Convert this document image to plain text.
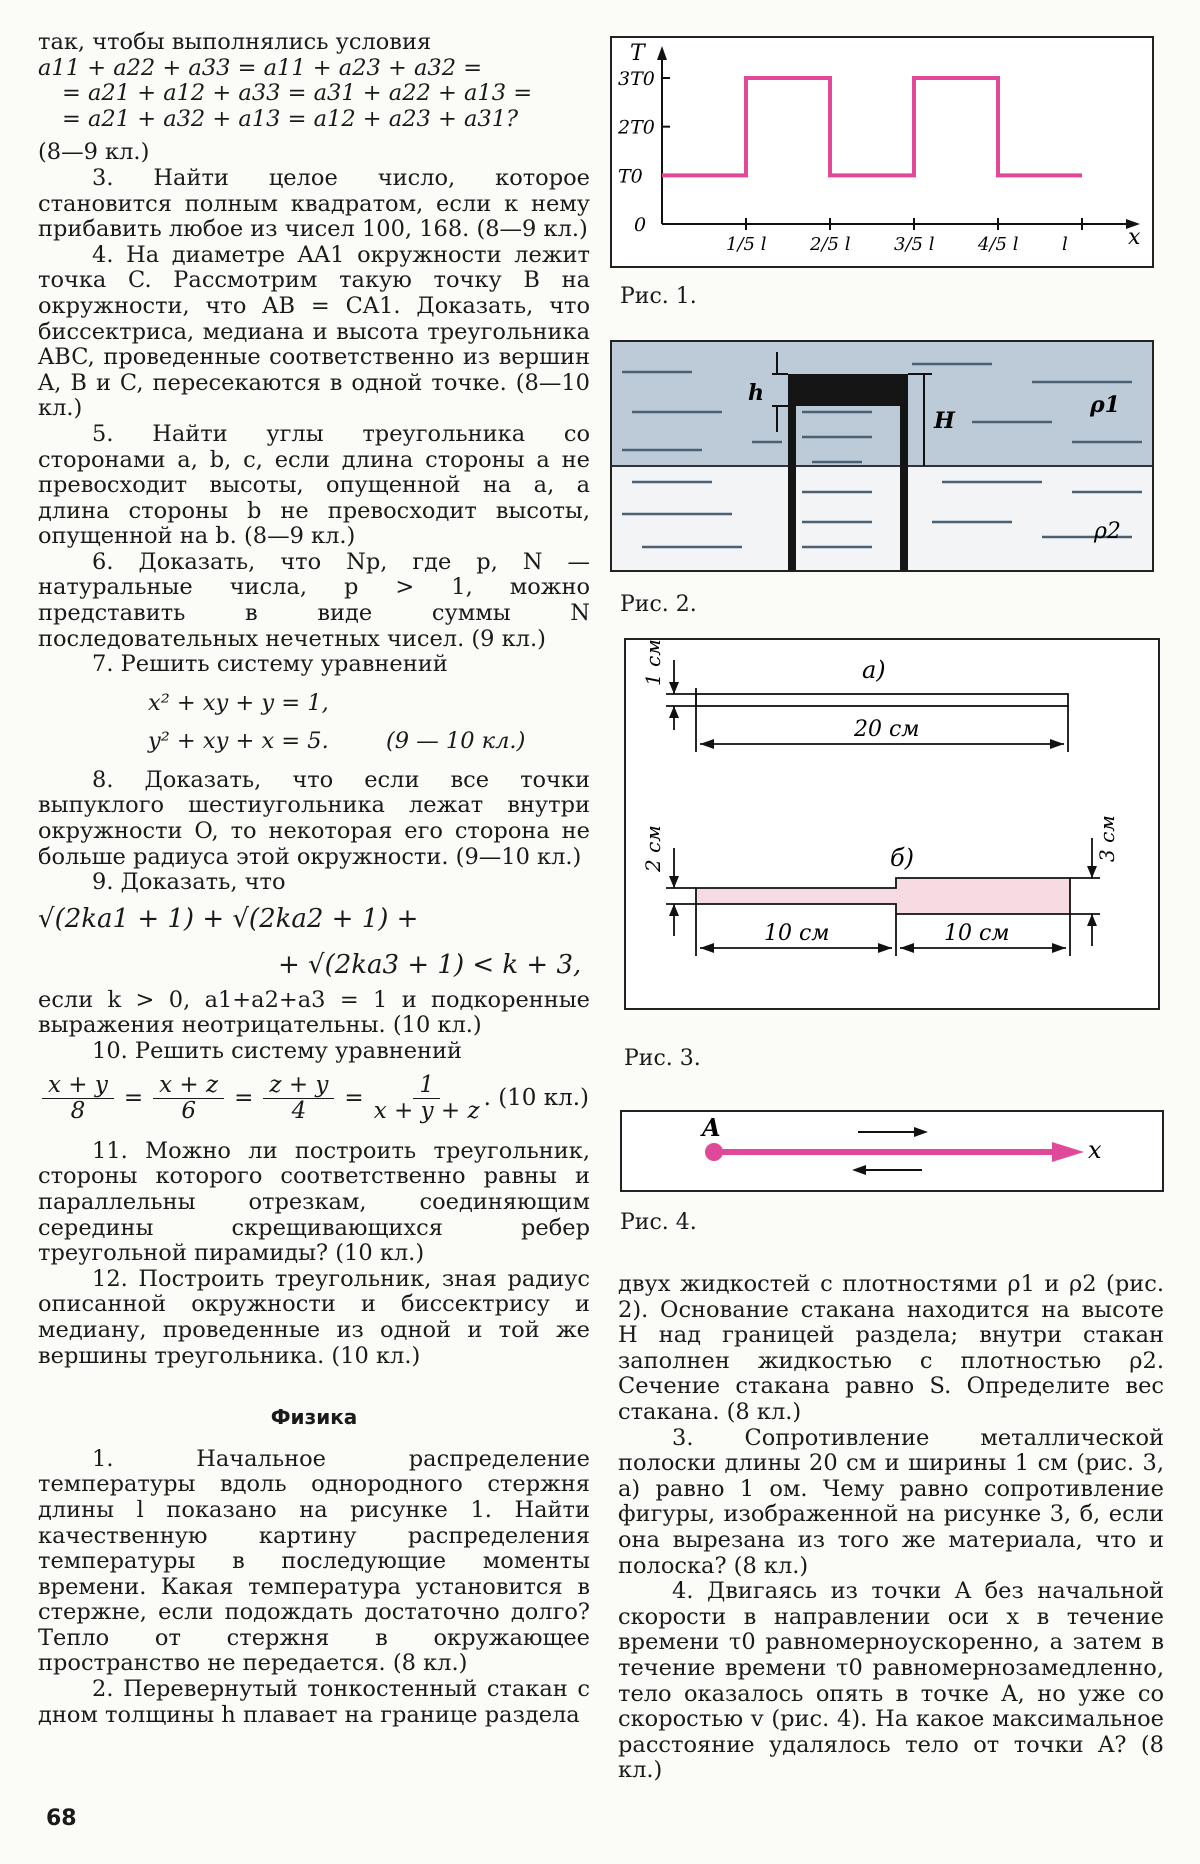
так, чтобы выполнялись условия

a11 + a22 + a33 = a11 + a23 + a32 =
= a21 + a12 + a33 = a31 + a22 + a13 =
= a21 + a32 + a13 = a12 + a23 + a31?

(8—9 кл.)

3. Найти целое число, которое становится полным квадратом, если к нему прибавить любое из чисел 100, 168. (8—9 кл.)

4. На диаметре AA1 окружности лежит точка C. Рассмотрим такую точку B на окружности, что AB = CA1. Доказать, что биссектриса, медиана и высота треугольника ABC, проведенные соответственно из вершин A, B и C, пересекаются в одной точке. (8—10 кл.)

5. Найти углы треугольника со сторонами a, b, c, если длина стороны a не превосходит высоты, опущенной на a, а длина стороны b не превосходит высоты, опущенной на b. (8—9 кл.)

6. Доказать, что Np, где p, N — натуральные числа, p > 1, можно представить в виде суммы N последовательных нечетных чисел. (9 кл.)

7. Решить систему уравнений

x² + xy + y = 1,
y² + xy + x = 5.        (9 — 10 кл.)

8. Доказать, что если все точки выпуклого шестиугольника лежат внутри окружности O, то некоторая его сторона не больше радиуса этой окружности. (9—10 кл.)

9. Доказать, что

√(2ka1 + 1) + √(2ka2 + 1) +
+ √(2ka3 + 1) < k + 3,

если k > 0, a1+a2+a3 = 1 и подкоренные выражения неотрицательны. (10 кл.)

10. Решить систему уравнений

$\frac{x + y}{8} = \frac{x + z}{6} = \frac{z + y}{4} = \frac{1}{x + y + z}$ . (10 кл.)

11. Можно ли построить треугольник, стороны которого соответственно равны и параллельны отрезкам, соединяющим середины скрещивающихся ребер треугольной пирамиды? (10 кл.)

12. Построить треугольник, зная радиус описанной окружности и биссектрису и медиану, проведенные из одной и той же вершины треугольника. (10 кл.)

Физика

1. Начальное распределение температуры вдоль однородного стержня длины l показано на рисунке 1. Найти качественную картину распределения температуры в последующие моменты времени. Какая температура установится в стержне, если подождать достаточно долго? Тепло от стержня в окружающее пространство не передается. (8 кл.)

2. Перевернутый тонкостенный стакан с дном толщины h плавает на границе раздела

T
x
3T0
2T0
T0
0
1/5 l 2/5 l 3/5 l 4/5 l l
Рис. 1.
h
H
ρ1
ρ2
Рис. 2.
а)
20 см
б)
10 см	10 см
1 см
2 см	3 см
Рис. 3.
A
x
Рис. 4.

двух жидкостей с плотностями ρ1 и ρ2 (рис. 2). Основание стакана находится на высоте H над границей раздела; внутри стакан заполнен жидкостью с плотностью ρ2. Сечение стакана равно S. Определите вес стакана. (8 кл.)

3. Сопротивление металлической полоски длины 20 см и ширины 1 см (рис. 3, а) равно 1 ом. Чему равно сопротивление фигуры, изображенной на рисунке 3, б, если она вырезана из того же материала, что и полоска? (8 кл.)

4. Двигаясь из точки A без начальной скорости в направлении оси x в течение времени τ0 равномерноускоренно, а затем в течение времени τ0 равномернозамедленно, тело оказалось опять в точке A, но уже со скоростью v (рис. 4). На какое максимальное расстояние удалялось тело от точки A? (8 кл.)

68
